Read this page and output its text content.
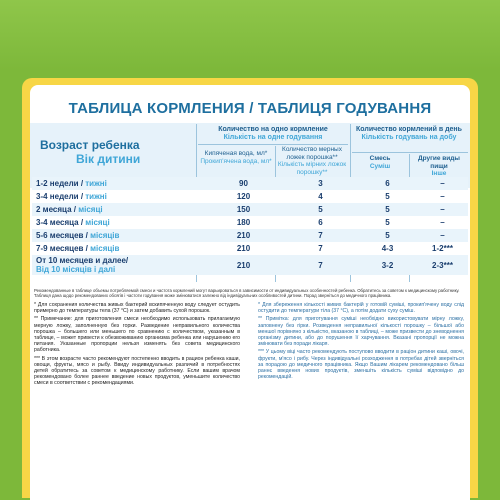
ТАБЛИЦА КОРМЛЕНИЯ / ТАБЛИЦЯ ГОДУВАННЯ
Возраст ребенка
Вік дитини
Количество на одно кормление
Кількість на одне годування
Кипяченая вода, мл*
Прокип'ячена вода, мл*
Количество мерных ложек порошка**
Кількість мірних ложок порошку**
Количество кормлений в день
Кількість годувань на добу
Смесь
Суміш
Другие виды пищи
Інше
1-2 недели / тижні	90	3	6	–
3-4 недели / тижні	120	4	5	–
2 месяца / місяці	150	5	5	–
3-4 месяца / місяці	180	6	5	–
5-6 месяцев / місяців	210	7	5	–
7-9 месяцев / місяців	210	7	4-3	1-2***

От 10 месяцев и далее/
Від 10 місяців і далі	210	7	3-2	2-3***
Рекомендованные в таблице объемы потребляемой смеси и частота кормлений могут варьироваться в зависимости от индивидуальных особенностей ребенка. Обратитесь за советом к медицинскому работнику. Таблиця дана щодо рекомендованих обсягів і частоти годування може змінюватися залежно від індивідуальних особливостей дитини. Порад зверніться до медичного працівника.

* Для сохранения количества живых бактерий вскипяченную воду следует остудить примерно до температуры тела (37 °С) и затем добавить сухой порошок.

** Примечание: для приготовления смеси необходимо использовать прилагаемую мерную ложку, заполненную без горки. Разведение неправильного количества порошка – большего или меньшего по сравнению с количеством, указанным в таблице, – может привести к обезвоживанию организма ребенка или нарушению его питания. Указанные пропорции нельзя изменять без совета медицинского работника.

*** В этом возрасте часто рекомендуют постепенно вводить в рацион ребенка каши, овощи, фрукты, мясо и рыбу. Ввиду индивидуальных различий в потребностях детей обратитесь за советом к медицинскому работнику. Если вашим врачом рекомендовано более раннее введение новых продуктов, уменьшите количество смеси в соответствии с рекомендациями.

* Для збереження кількості живих бактерій у готовій суміші, прокип'ячену воду слід остудити до температури тіла (37 °С), а потім додати суху суміш.

** Примітка: для приготування суміші необхідно використовувати мірну ложку, заповнену без гірки. Розведення неправильної кількості порошку – більшої або меншої порівняно з кількістю, вказаною в таблиці, – може призвести до зневоднення організму дитини, або до порушення її харчування. Вказані пропорції не можна змінювати без поради лікаря.

*** У цьому віці часто рекомендують поступово вводити в раціон дитини каші, овочі, фрукти, м'ясо і рибу. Через індивідуальні розходження в потребах дітей зверніться за порадою до медичного працівника. Якщо Вашим лікарем рекомендовано більш раннє введення нових продуктів, зменшіть кількість суміші відповідно до рекомендацій.
